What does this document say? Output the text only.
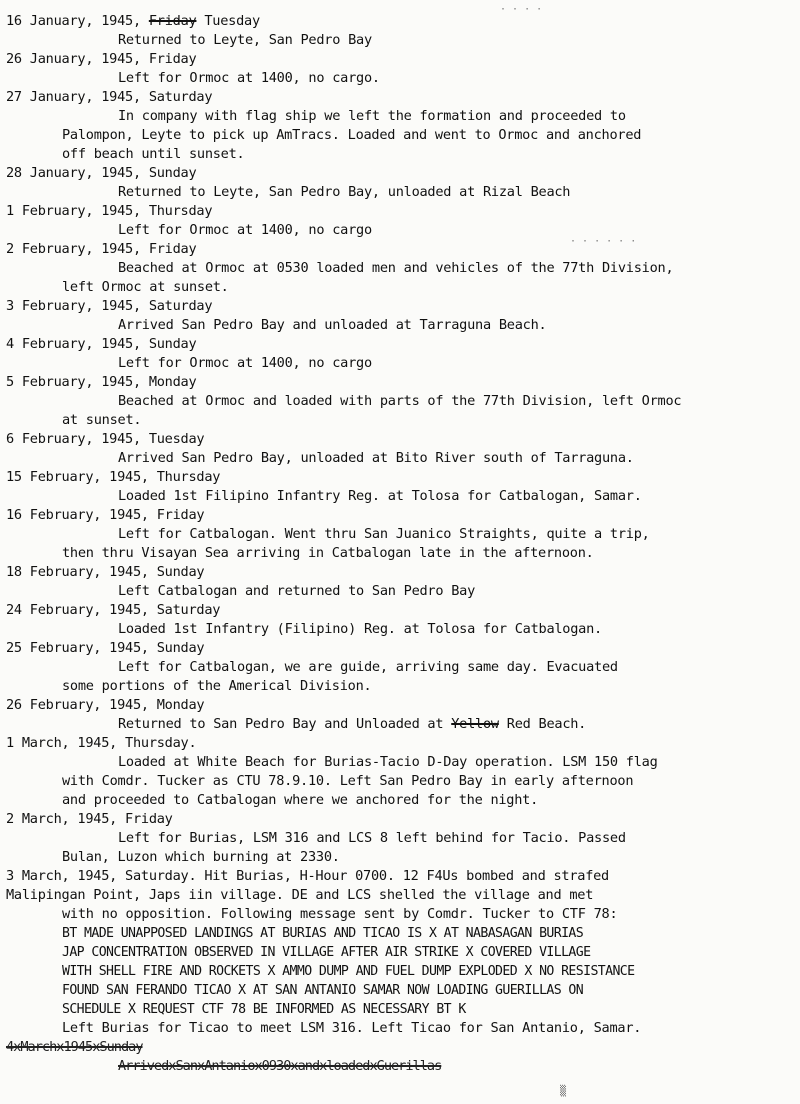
16 January, 1945, Friday Tuesday
Returned to Leyte, San Pedro Bay
26 January, 1945, Friday
Left for Ormoc at 1400, no cargo.
27 January, 1945, Saturday
In company with flag ship we left the formation and proceeded to
Palompon, Leyte to pick up AmTracs. Loaded and went to Ormoc and anchored
off beach until sunset.
28 January, 1945, Sunday
Returned to Leyte, San Pedro Bay, unloaded at Rizal Beach
1 February, 1945, Thursday
Left for Ormoc at 1400, no cargo
2 February, 1945, Friday
Beached at Ormoc at 0530 loaded men and vehicles of the 77th Division,
left Ormoc at sunset.
3 February, 1945, Saturday
Arrived San Pedro Bay and unloaded at Tarraguna Beach.
4 February, 1945, Sunday
Left for Ormoc at 1400, no cargo
5 February, 1945, Monday
Beached at Ormoc and loaded with parts of the 77th Division, left Ormoc
at sunset.
6 February, 1945, Tuesday
Arrived San Pedro Bay, unloaded at Bito River south of Tarraguna.
15 February, 1945, Thursday
Loaded 1st Filipino Infantry Reg. at Tolosa for Catbalogan, Samar.
16 February, 1945, Friday
Left for Catbalogan. Went thru San Juanico Straights, quite a trip,
then thru Visayan Sea arriving in Catbalogan late in the afternoon.
18 February, 1945, Sunday
Left Catbalogan and returned to San Pedro Bay
24 February, 1945, Saturday
Loaded 1st Infantry (Filipino) Reg. at Tolosa for Catbalogan.
25 February, 1945, Sunday
Left for Catbalogan, we are guide, arriving same day. Evacuated
some portions of the Americal Division.
26 February, 1945, Monday
Returned to San Pedro Bay and Unloaded at Yellow Red Beach.
1 March, 1945, Thursday.
Loaded at White Beach for Burias-Tacio D-Day operation. LSM 150 flag
with Comdr. Tucker as CTU 78.9.10. Left San Pedro Bay in early afternoon
and proceeded to Catbalogan where we anchored for the night.
2 March, 1945, Friday
Left for Burias, LSM 316 and LCS 8 left behind for Tacio. Passed
Bulan, Luzon which burning at 2330.
3 March, 1945, Saturday. Hit Burias, H-Hour 0700. 12 F4Us bombed and strafed
Malipingan Point, Japs iin village. DE and LCS shelled the village and met
with no opposition. Following message sent by Comdr. Tucker to CTF 78:
BT MADE UNAPPOSED LANDINGS AT BURIAS AND TICAO IS X AT NABASAGAN BURIAS
JAP CONCENTRATION OBSERVED IN VILLAGE AFTER AIR STRIKE X COVERED VILLAGE
WITH SHELL FIRE AND ROCKETS X AMMO DUMP AND FUEL DUMP EXPLODED X NO RESISTANCE
FOUND SAN FERANDO TICAO X AT SAN ANTANIO SAMAR NOW LOADING GUERILLAS ON
SCHEDULE X REQUEST CTF 78 BE INFORMED AS NECESSARY BT K
Left Burias for Ticao to meet LSM 316. Left Ticao for San Antanio, Samar.
4xMarchx1945xSunday
ArrivedxSanxAntaniox0930xandxloadedxGuerillas
· · · ·
· · · · · ·
▒
